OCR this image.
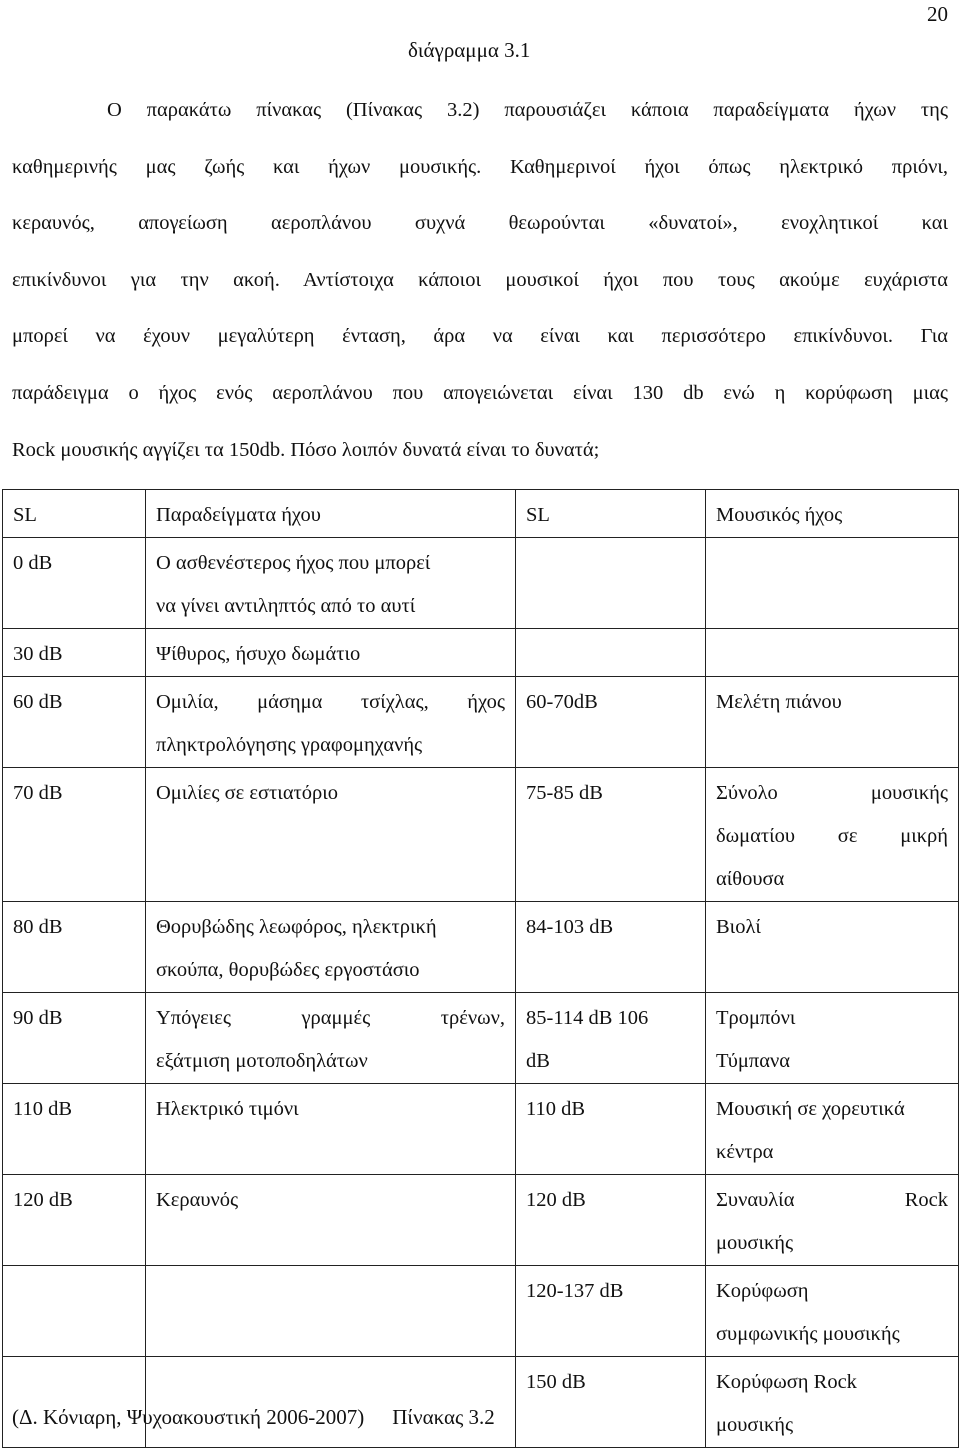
20
διάγραμμα 3.1
Ο παρακάτω πίνακας (Πίνακας 3.2) παρουσιάζει κάποια παραδείγματα ήχων της
καθημερινής μας ζωής και ήχων μουσικής. Καθημερινοί ήχοι όπως ηλεκτρικό πριόνι,
κεραυνός, απογείωση αεροπλάνου συχνά θεωρούνται «δυνατοί», ενοχλητικοί και
επικίνδυνοι για την ακοή. Αντίστοιχα κάποιοι μουσικοί ήχοι που τους ακούμε ευχάριστα
μπορεί να έχουν μεγαλύτερη ένταση, άρα να είναι και περισσότερο επικίνδυνοι. Για
παράδειγμα ο ήχος ενός αεροπλάνου που απογειώνεται είναι 130 db ενώ η κορύφωση μιας
Rock μουσικής αγγίζει τα 150db. Πόσο λοιπόν δυνατά είναι το δυνατά;
SL	Παραδείγματα ήχου	SL	Μουσικός ήχος

0 dB	Ο ασθενέστερος ήχος που μπορεί
να γίνει αντιληπτός από το αυτί		

30 dB	Ψίθυρος, ήσυχο δωμάτιο		

60 dB	Ομιλία, μάσημα τσίχλας, ήχος
πληκτρολόγησης γραφομηχανής	60-70dB	Μελέτη πιάνου

70 dB	Ομιλίες σε εστιατόριο	75-85 dB	Σύνολο μουσικής
δωματίου σε μικρή
αίθουσα

80 dB	Θορυβώδης λεωφόρος, ηλεκτρική
σκούπα, θορυβώδες εργοστάσιο	84-103 dB	Βιολί

90 dB	Υπόγειες γραμμές τρένων,
εξάτμιση μοτοποδηλάτων	85-114 dB 106
dB	Τρομπόνι
Τύμπανα

110 dB	Ηλεκτρικό τιμόνι	110 dB	Μουσική σε χορευτικά
κέντρα

120 dB	Κεραυνός	120 dB	Συναυλία Rock
μουσικής

		120-137 dB	Κορύφωση
συμφωνικής μουσικής

		150 dB	Κορύφωση Rock
μουσικής
(Δ. Κόνιαρη, Ψυχοακουστική 2006-2007) Πίνακας 3.2
